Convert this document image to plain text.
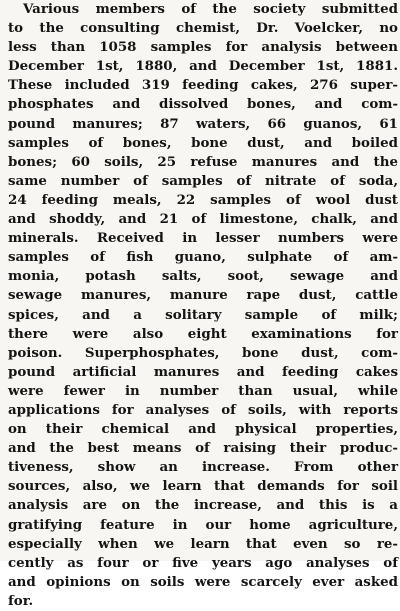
Various members of the society submitted
to the consulting chemist, Dr. Voelcker, no
less than 1058 samples for analysis between
December 1st, 1880, and December 1st, 1881.
These included 319 feeding cakes, 276 super-
phosphates and dissolved bones, and com-
pound manures; 87 waters, 66 guanos, 61
samples of bones, bone dust, and boiled
bones; 60 soils, 25 refuse manures and the
same number of samples of nitrate of soda,
24 feeding meals, 22 samples of wool dust
and shoddy, and 21 of limestone, chalk, and
minerals. Received in lesser numbers were
samples of fish guano, sulphate of am-
monia, potash salts, soot, sewage and
sewage manures, manure rape dust, cattle
spices, and a solitary sample of milk;
there were also eight examinations for
poison. Superphosphates, bone dust, com-
pound artificial manures and feeding cakes
were fewer in number than usual, while
applications for analyses of soils, with reports
on their chemical and physical properties,
and the best means of raising their produc-
tiveness, show an increase. From other
sources, also, we learn that demands for soil
analysis are on the increase, and this is a
gratifying feature in our home agriculture,
especially when we learn that even so re-
cently as four or five years ago analyses of
and opinions on soils were scarcely ever asked
for.
